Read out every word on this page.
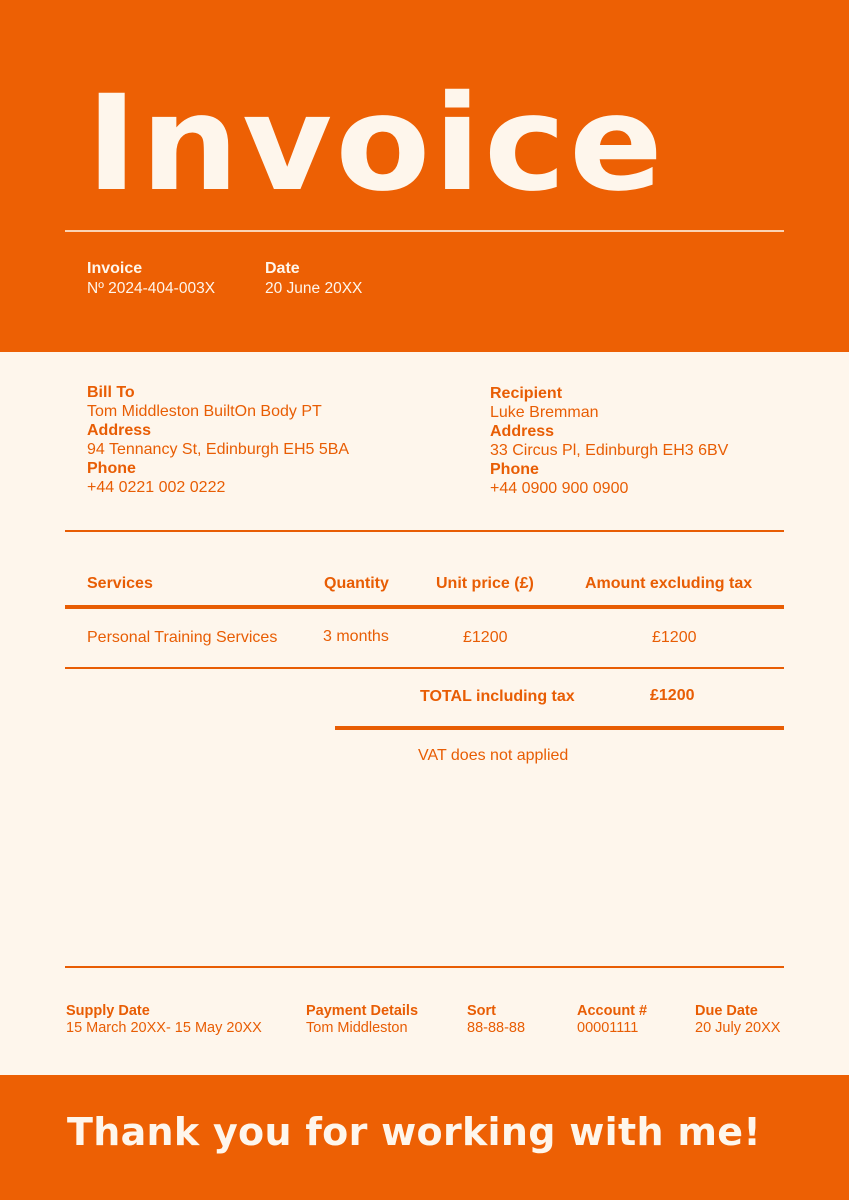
Invoice
Invoice
Nº 2024-404-003X
Date
20 June 20XX
Bill To
Tom Middleston BuiltOn Body PT
Address
94 Tennancy St, Edinburgh EH5 5BA
Phone
+44 0221 002 0222
Recipient
Luke Bremman
Address
33 Circus Pl, Edinburgh EH3 6BV
Phone
+44 0900 900 0900
Services	Quantity	Unit price (£)	Amount excluding tax
Personal Training Services	3 months	£1200	£1200
TOTAL including tax	£1200
VAT does not applied
Supply Date
15 March 20XX- 15 May 20XX
Payment Details
Tom Middleston
Sort
88-88-88
Account #
00001111
Due Date
20 July 20XX
Thank you for working with me!
